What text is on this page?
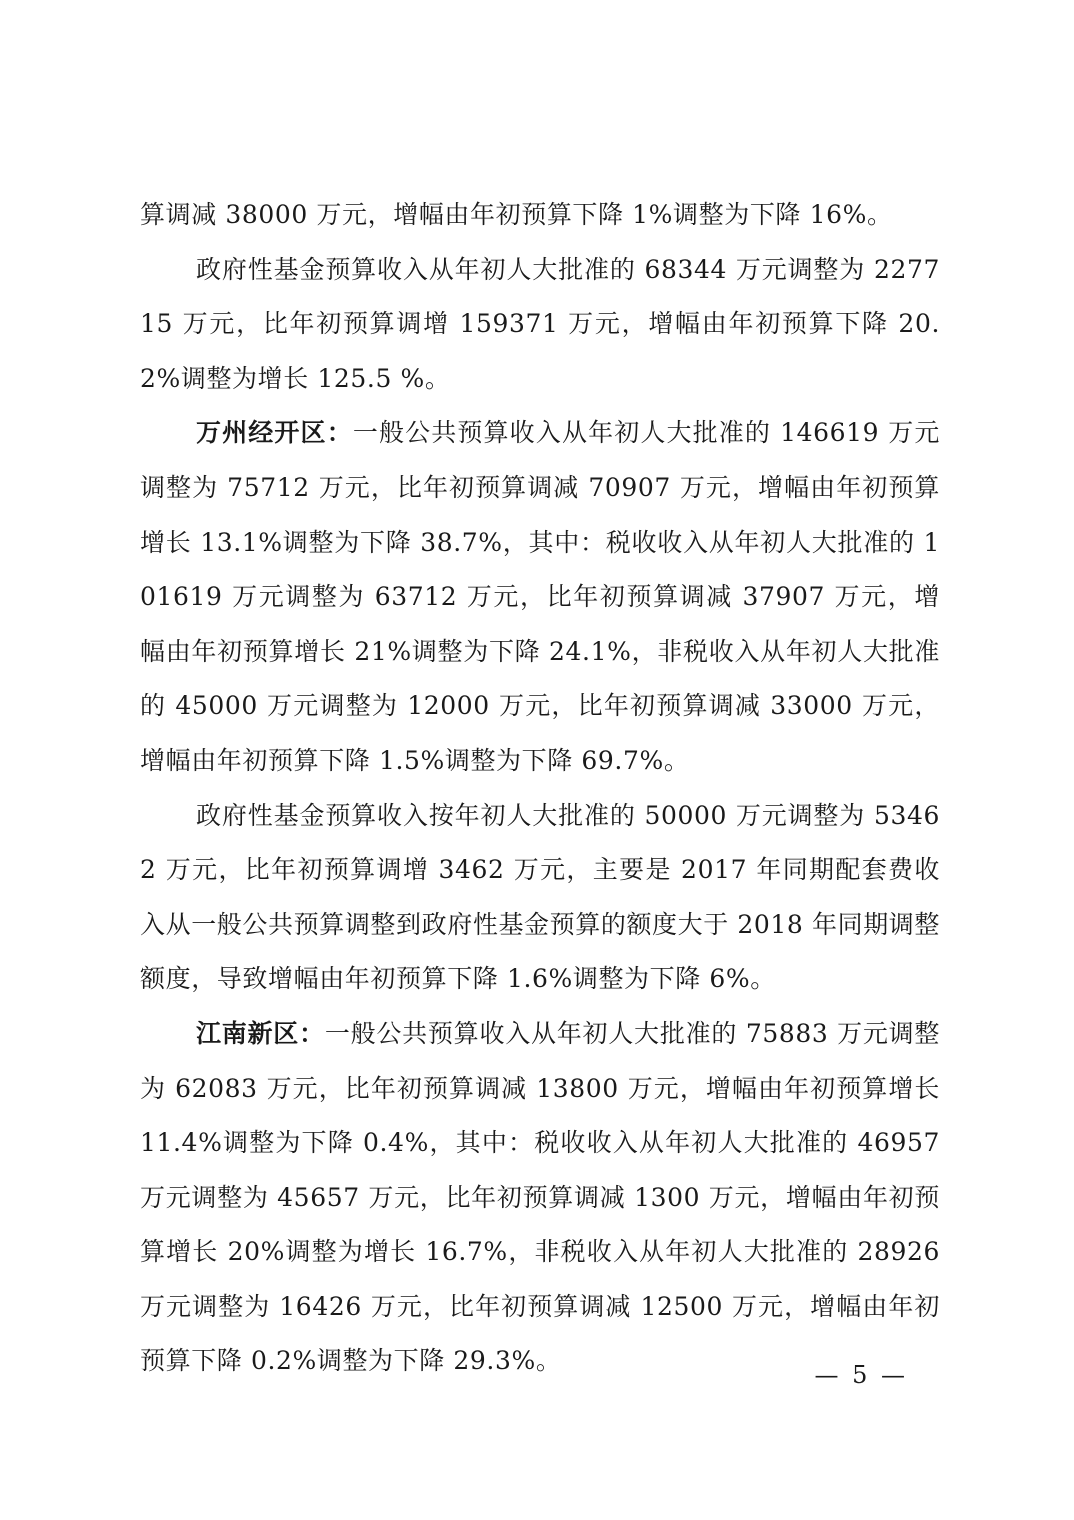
算调减 38000 万元，增幅由年初预算下降 1%调整为下降 16%。

政府性基金预算收入从年初人大批准的 68344 万元调整为 227715 万元，比年初预算调增 159371 万元，增幅由年初预算下降 20.2%调整为增长 125.5 %。

万州经开区：一般公共预算收入从年初人大批准的 146619 万元调整为 75712 万元，比年初预算调减 70907 万元，增幅由年初预算增长 13.1%调整为下降 38.7%，其中：税收收入从年初人大批准的 101619 万元调整为 63712 万元，比年初预算调减 37907 万元，增幅由年初预算增长 21%调整为下降 24.1%，非税收入从年初人大批准的 45000 万元调整为 12000 万元，比年初预算调减 33000 万元，增幅由年初预算下降 1.5%调整为下降 69.7%。

政府性基金预算收入按年初人大批准的 50000 万元调整为 53462 万元，比年初预算调增 3462 万元，主要是 2017 年同期配套费收入从一般公共预算调整到政府性基金预算的额度大于 2018 年同期调整额度，导致增幅由年初预算下降 1.6%调整为下降 6%。

江南新区：一般公共预算收入从年初人大批准的 75883 万元调整为 62083 万元，比年初预算调减 13800 万元，增幅由年初预算增长 11.4%调整为下降 0.4%，其中：税收收入从年初人大批准的 46957 万元调整为 45657 万元，比年初预算调减 1300 万元，增幅由年初预算增长 20%调整为增长 16.7%，非税收入从年初人大批准的 28926 万元调整为 16426 万元，比年初预算调减 12500 万元，增幅由年初预算下降 0.2%调整为下降 29.3%。	— 5 —
